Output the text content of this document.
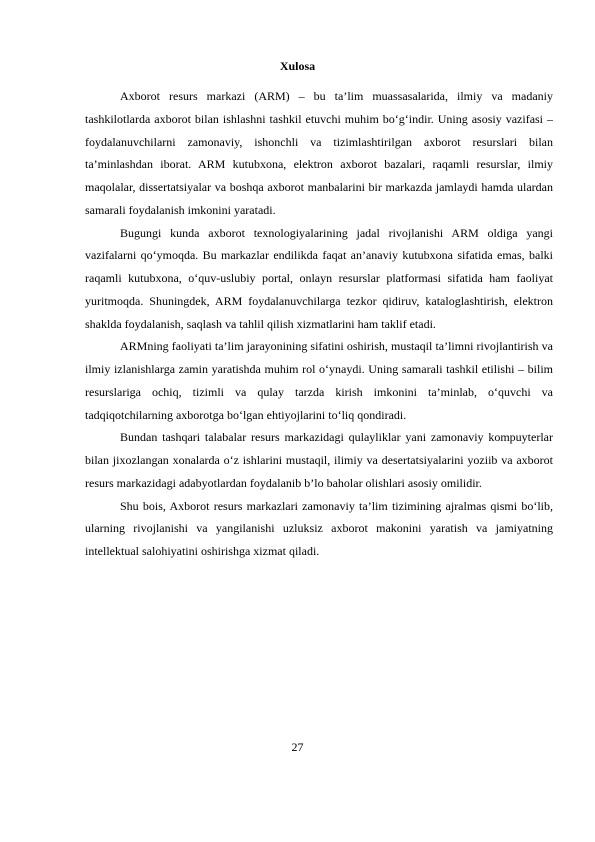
Xulosa

Axborot resurs markazi (ARM) – bu ta’lim muassasalarida, ilmiy va madaniy tashkilotlarda axborot bilan ishlashni tashkil etuvchi muhim bo‘g‘indir. Uning asosiy vazifasi – foydalanuvchilarni zamonaviy, ishonchli va tizimlashtirilgan axborot resurslari bilan ta’minlashdan iborat. ARM kutubxona, elektron axborot bazalari, raqamli resurslar, ilmiy maqolalar, dissertatsiyalar va boshqa axborot manbalarini bir markazda jamlaydi hamda ulardan samarali foydalanish imkonini yaratadi.

Bugungi kunda axborot texnologiyalarining jadal rivojlanishi ARM oldiga yangi vazifalarni qo‘ymoqda. Bu markazlar endilikda faqat an’anaviy kutubxona sifatida emas, balki raqamli kutubxona, o‘quv-uslubiy portal, onlayn resurslar platformasi sifatida ham faoliyat yuritmoqda. Shuningdek, ARM foydalanuvchilarga tezkor qidiruv, kataloglashtirish, elektron shaklda foydalanish, saqlash va tahlil qilish xizmatlarini ham taklif etadi.

ARMning faoliyati ta’lim jarayonining sifatini oshirish, mustaqil ta’limni rivojlantirish va ilmiy izlanishlarga zamin yaratishda muhim rol o‘ynaydi. Uning samarali tashkil etilishi – bilim resurslariga ochiq, tizimli va qulay tarzda kirish imkonini ta’minlab, o‘quvchi va tadqiqotchilarning axborotga bo‘lgan ehtiyojlarini to‘liq qondiradi.

Bundan tashqari talabalar resurs markazidagi qulayliklar yani zamonaviy kompuyterlar bilan jixozlangan xonalarda o‘z ishlarini mustaqil, ilimiy va desertatsiyalarini yoziib va axborot resurs markazidagi adabyotlardan foydalanib b’lo baholar olishlari asosiy omilidir.

Shu bois, Axborot resurs markazlari zamonaviy ta’lim tizimining ajralmas qismi bo‘lib, ularning rivojlanishi va yangilanishi uzluksiz axborot makonini yaratish va jamiyatning intellektual salohiyatini oshirishga xizmat qiladi.

27
